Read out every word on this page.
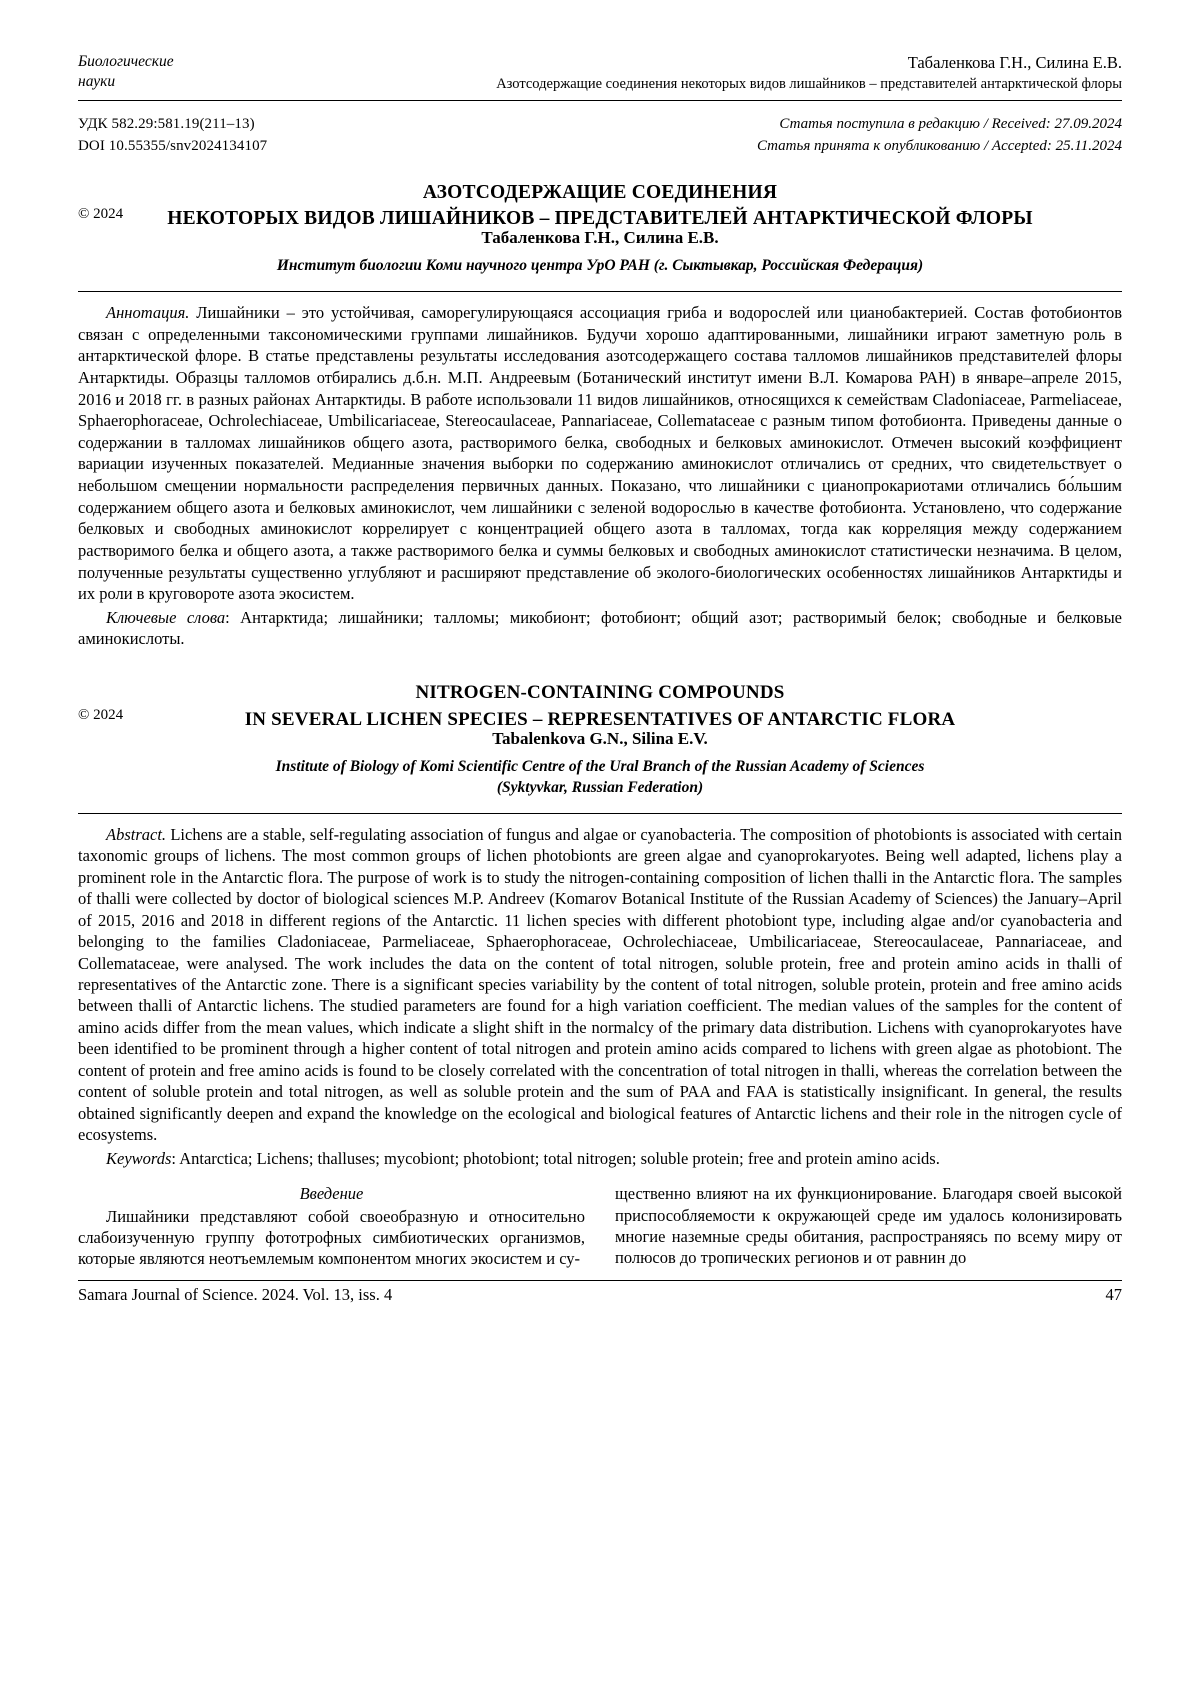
Биологические
науки
Табаленкова Г.Н., Силина Е.В.
Азотсодержащие соединения некоторых видов лишайников – представителей антарктической флоры
УДК 582.29:581.19(211–13)
DOI 10.55355/snv2024134107
Статья поступила в редакцию / Received: 27.09.2024
Статья принята к опубликованию / Accepted: 25.11.2024
АЗОТСОДЕРЖАЩИЕ СОЕДИНЕНИЯ
НЕКОТОРЫХ ВИДОВ ЛИШАЙНИКОВ – ПРЕДСТАВИТЕЛЕЙ АНТАРКТИЧЕСКОЙ ФЛОРЫ
© 2024
Табаленкова Г.Н., Силина Е.В.
Институт биологии Коми научного центра УрО РАН (г. Сыктывкар, Российская Федерация)
Аннотация. Лишайники – это устойчивая, саморегулирующаяся ассоциация гриба и водорослей или цианобактерией. Состав фотобионтов связан с определенными таксономическими группами лишайников. Будучи хорошо адаптированными, лишайники играют заметную роль в антарктической флоре. В статье представлены результаты исследования азотсодержащего состава талломов лишайников представителей флоры Антарктиды. Образцы талломов отбирались д.б.н. М.П. Андреевым (Ботанический институт имени В.Л. Комарова РАН) в январе–апреле 2015, 2016 и 2018 гг. в разных районах Антарктиды. В работе использовали 11 видов лишайников, относящихся к семействам Cladoniaceae, Parmeliaceae, Sphaerophoraceae, Ochrolechiaceae, Umbilicariaceae, Stereocaulaceae, Pannariaceae, Collemataceae с разным типом фотобионта. Приведены данные о содержании в талломах лишайников общего азота, растворимого белка, свободных и белковых аминокислот. Отмечен высокий коэффициент вариации изученных показателей. Медианные значения выборки по содержанию аминокислот отличались от средних, что свидетельствует о небольшом смещении нормальности распределения первичных данных. Показано, что лишайники с цианопрокариотами отличались бо́льшим содержанием общего азота и белковых аминокислот, чем лишайники с зеленой водорослью в качестве фотобионта. Установлено, что содержание белковых и свободных аминокислот коррелирует с концентрацией общего азота в талломах, тогда как корреляция между содержанием растворимого белка и общего азота, а также растворимого белка и суммы белковых и свободных аминокислот статистически незначима. В целом, полученные результаты существенно углубляют и расширяют представление об эколого-биологических особенностях лишайников Антарктиды и их роли в круговороте азота экосистем.
Ключевые слова: Антарктида; лишайники; талломы; микобионт; фотобионт; общий азот; растворимый белок; свободные и белковые аминокислоты.
NITROGEN-CONTAINING COMPOUNDS
IN SEVERAL LICHEN SPECIES – REPRESENTATIVES OF ANTARCTIC FLORA
© 2024
Tabalenkova G.N., Silina E.V.
Institute of Biology of Komi Scientific Centre of the Ural Branch of the Russian Academy of Sciences
(Syktyvkar, Russian Federation)
Abstract. Lichens are a stable, self-regulating association of fungus and algae or cyanobacteria. The composition of photobionts is associated with certain taxonomic groups of lichens. The most common groups of lichen photobionts are green algae and cyanoprokaryotes. Being well adapted, lichens play a prominent role in the Antarctic flora. The purpose of work is to study the nitrogen-containing composition of lichen thalli in the Antarctic flora. The samples of thalli were collected by doctor of biological sciences M.P. Andreev (Komarov Botanical Institute of the Russian Academy of Sciences) the January–April of 2015, 2016 and 2018 in different regions of the Antarctic. 11 lichen species with different photobiont type, including algae and/or cyanobacteria and belonging to the families Cladoniaceae, Parmeliaceae, Sphaerophoraceae, Ochrolechiaceae, Umbilicariaceae, Stereocaulaceae, Pannariaceae, and Collemataceae, were analysed. The work includes the data on the content of total nitrogen, soluble protein, free and protein amino acids in thalli of representatives of the Antarctic zone. There is a significant species variability by the content of total nitrogen, soluble protein, protein and free amino acids between thalli of Antarctic lichens. The studied parameters are found for a high variation coefficient. The median values of the samples for the content of amino acids differ from the mean values, which indicate a slight shift in the normalcy of the primary data distribution. Lichens with cyanoprokaryotes have been identified to be prominent through a higher content of total nitrogen and protein amino acids compared to lichens with green algae as photobiont. The content of protein and free amino acids is found to be closely correlated with the concentration of total nitrogen in thalli, whereas the correlation between the content of soluble protein and total nitrogen, as well as soluble protein and the sum of PAA and FAA is statistically insignificant. In general, the results obtained significantly deepen and expand the knowledge on the ecological and biological features of Antarctic lichens and their role in the nitrogen cycle of ecosystems.
Keywords: Antarctica; Lichens; thalluses; mycobiont; photobiont; total nitrogen; soluble protein; free and protein amino acids.
Введение

Лишайники представляют собой своеобразную и относительно слабоизученную группу фототрофных симбиотических организмов, которые являются неотъемлемым компонентом многих экосистем и су-

щественно влияют на их функционирование. Благодаря своей высокой приспособляемости к окружающей среде им удалось колонизировать многие наземные среды обитания, распространяясь по всему миру от полюсов до тропических регионов и от равнин до

Samara Journal of Science. 2024. Vol. 13, iss. 4	47
